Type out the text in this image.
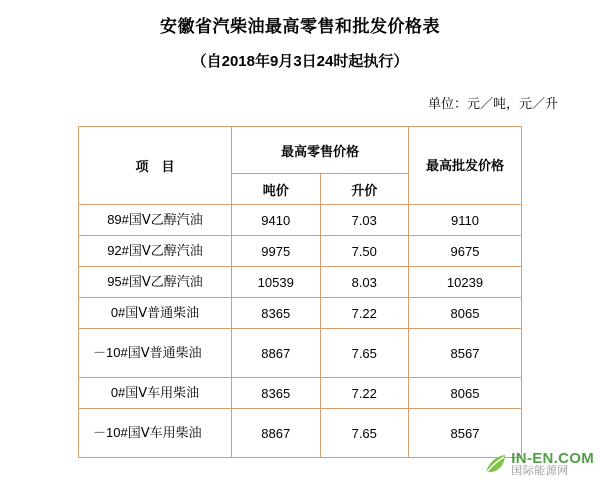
安徽省汽柴油最高零售和批发价格表
（自2018年9月3日24时起执行）
单位：元／吨，元／升
项　目	最高零售价格		最高批发价格
	吨价	升价	
89#国Ⅴ乙醇汽油	9410	7.03	9110
92#国Ⅴ乙醇汽油	9975	7.50	9675
95#国Ⅴ乙醇汽油	10539	8.03	10239
0#国Ⅴ普通柴油	8365	7.22	8065
－10#国Ⅴ普通柴油	8867	7.65	8567
0#国Ⅴ车用柴油	8365	7.22	8065
－10#国Ⅴ车用柴油	8867	7.65	8567
IN-EN.COM
国际能源网
